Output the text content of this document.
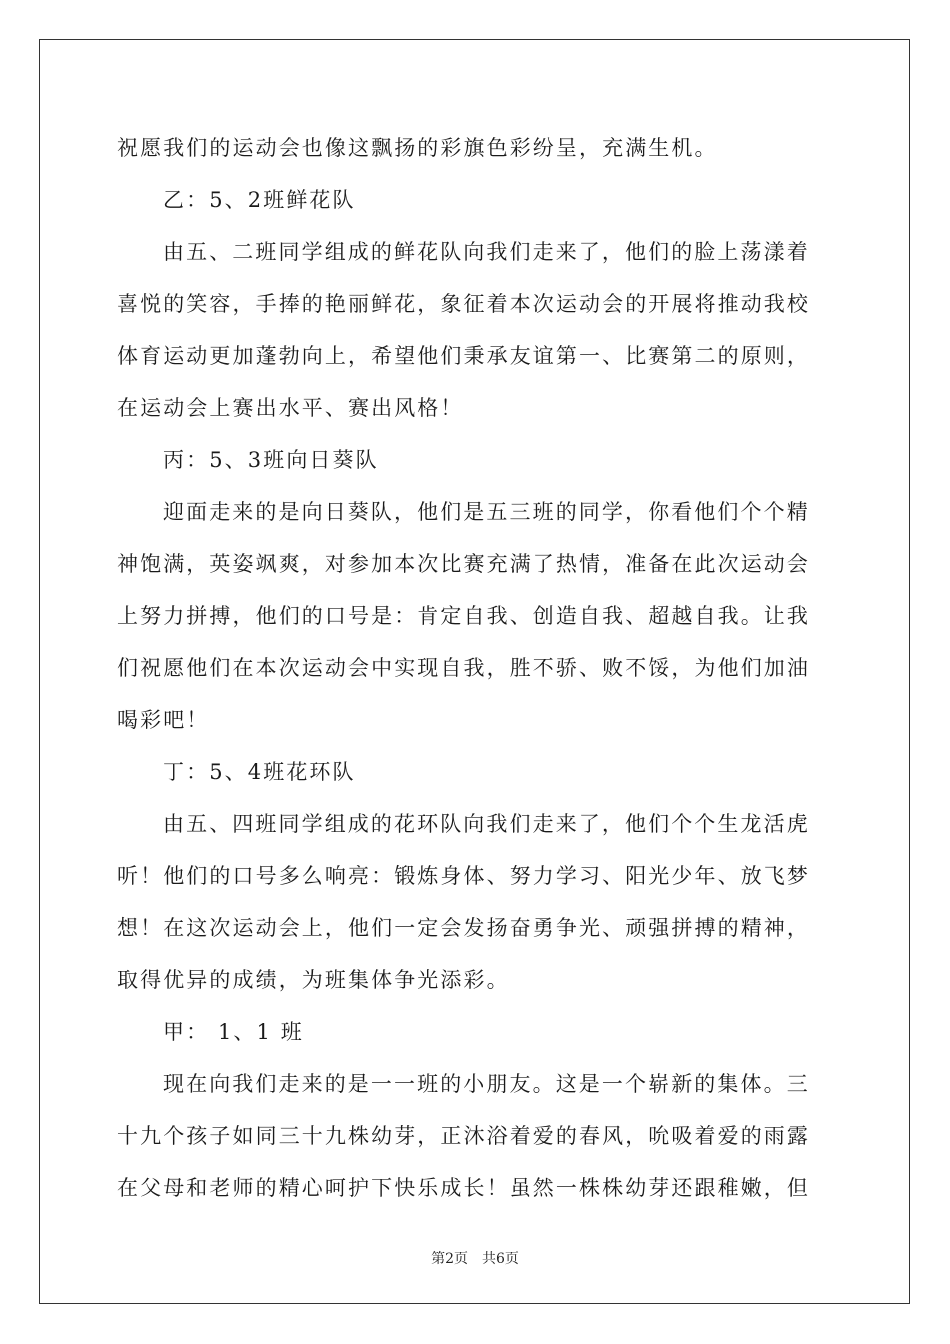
祝愿我们的运动会也像这飘扬的彩旗色彩纷呈，充满生机。
乙：5、2班鲜花队
由五、二班同学组成的鲜花队向我们走来了，他们的脸上荡漾着
喜悦的笑容，手捧的艳丽鲜花，象征着本次运动会的开展将推动我校
体育运动更加蓬勃向上，希望他们秉承友谊第一、比赛第二的原则，
在运动会上赛出水平、赛出风格！
丙：5、3班向日葵队
迎面走来的是向日葵队，他们是五三班的同学，你看他们个个精
神饱满，英姿飒爽，对参加本次比赛充满了热情，准备在此次运动会
上努力拼搏，他们的口号是：肯定自我、创造自我、超越自我。让我
们祝愿他们在本次运动会中实现自我，胜不骄、败不馁，为他们加油
喝彩吧！
丁：5、4班花环队
由五、四班同学组成的花环队向我们走来了，他们个个生龙活虎
听！他们的口号多么响亮：锻炼身体、努力学习、阳光少年、放飞梦
想！在这次运动会上，他们一定会发扬奋勇争光、顽强拼搏的精神，
取得优异的成绩，为班集体争光添彩。
甲： 1、1 班
现在向我们走来的是一一班的小朋友。这是一个崭新的集体。三
十九个孩子如同三十九株幼芽，正沐浴着爱的春风，吮吸着爱的雨露
在父母和老师的精心呵护下快乐成长！虽然一株株幼芽还跟稚嫩，但
第2页 共6页
